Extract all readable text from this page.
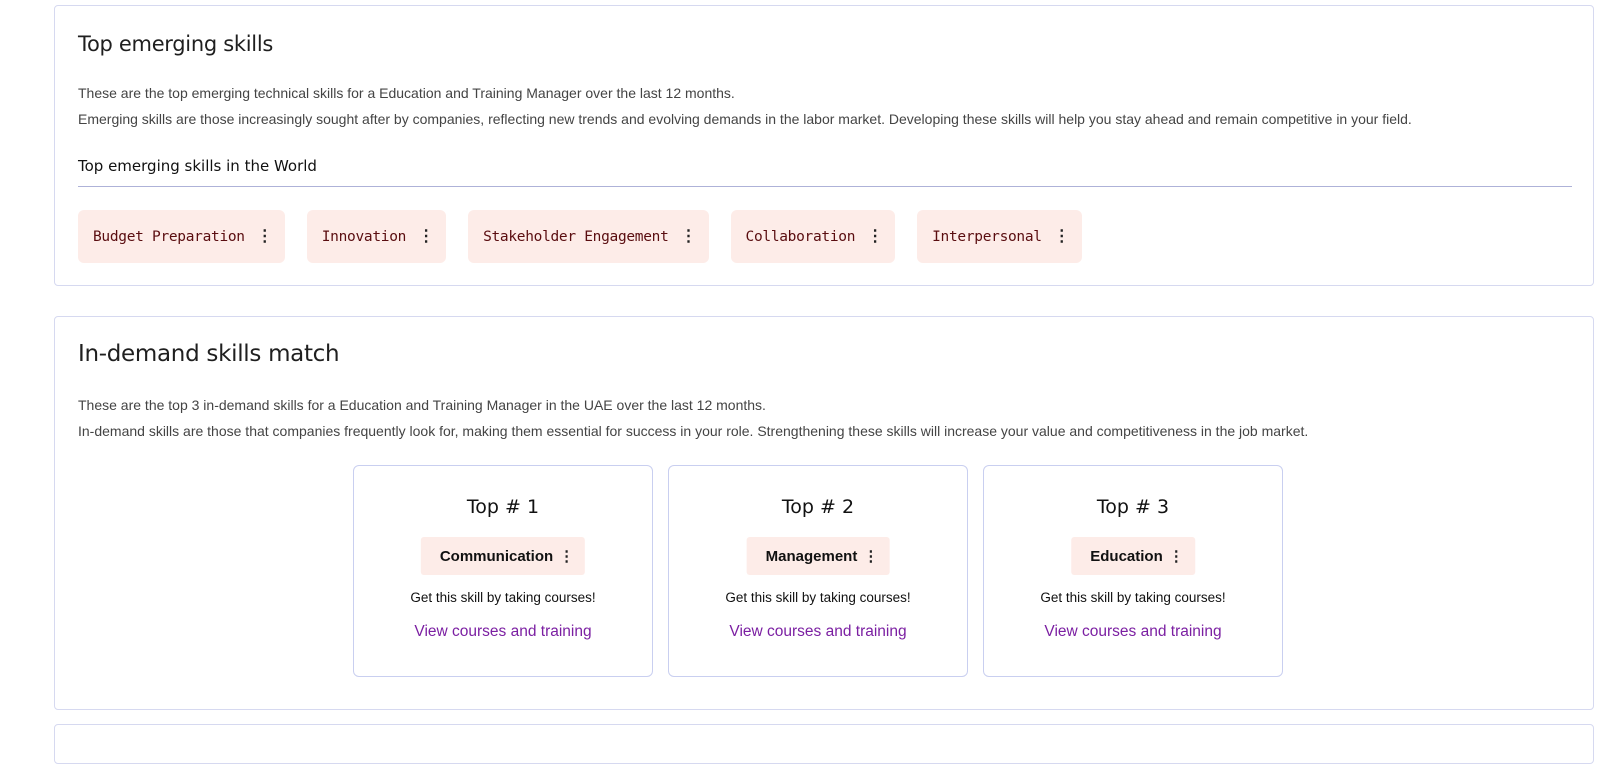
Top emerging skills
These are the top emerging technical skills for a Education and Training Manager over the last 12 months.
Emerging skills are those increasingly sought after by companies, reflecting new trends and evolving demands in the labor market. Developing these skills will help you stay ahead and remain competitive in your field.
Top emerging skills in the World
Budget Preparation ⋮	Innovation ⋮	Stakeholder Engagement ⋮	Collaboration ⋮	Interpersonal ⋮
In-demand skills match
These are the top 3 in-demand skills for a Education and Training Manager in the UAE over the last 12 months.
In-demand skills are those that companies frequently look for, making them essential for success in your role. Strengthening these skills will increase your value and competitiveness in the job market.
Top # 1
Communication ⋮
Get this skill by taking courses!
View courses and training
Top # 2
Management ⋮
Get this skill by taking courses!
View courses and training
Top # 3
Education ⋮
Get this skill by taking courses!
View courses and training
